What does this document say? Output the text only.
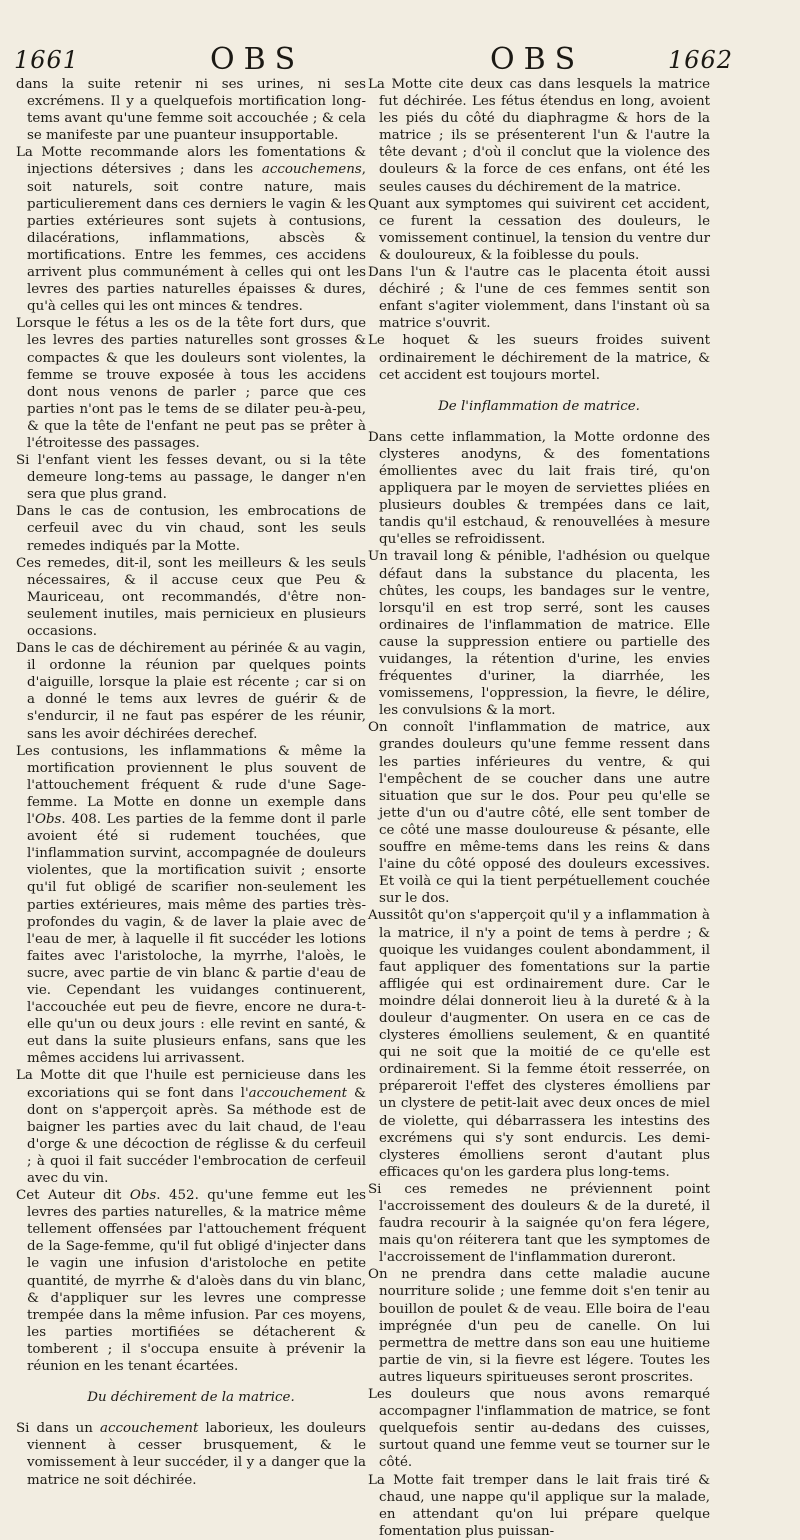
1661	OBS	OBS	1662

dans la suite retenir ni ses urines, ni ses excrémens. Il y a quelquefois mortification long-tems avant qu'une femme soit accouchée ; & cela se manifeste par une puanteur insupportable.

La Motte recommande alors les fomentations & injections détersives ; dans les accouchemens, soit naturels, soit contre nature, mais particulierement dans ces derniers le vagin & les parties extérieures sont sujets à contusions, dilacérations, inflammations, abscès & mortifications. Entre les femmes, ces accidens arrivent plus communément à celles qui ont les levres des parties naturelles épaisses & dures, qu'à celles qui les ont minces & tendres.

Lorsque le fétus a les os de la tête fort durs, que les levres des parties naturelles sont grosses & compactes & que les douleurs sont violentes, la femme se trouve exposée à tous les accidens dont nous venons de parler ; parce que ces parties n'ont pas le tems de se dilater peu-à-peu, & que la tête de l'enfant ne peut pas se prêter à l'étroitesse des passages.

Si l'enfant vient les fesses devant, ou si la tête demeure long-tems au passage, le danger n'en sera que plus grand.

Dans le cas de contusion, les embrocations de cerfeuil avec du vin chaud, sont les seuls remedes indiqués par la Motte.

Ces remedes, dit-il, sont les meilleurs & les seuls nécessaires, & il accuse ceux que Peu & Mauriceau, ont recommandés, d'être non-seulement inutiles, mais pernicieux en plusieurs occasions.

Dans le cas de déchirement au périnée & au vagin, il ordonne la réunion par quelques points d'aiguille, lorsque la plaie est récente ; car si on a donné le tems aux levres de guérir & de s'endurcir, il ne faut pas espérer de les réunir, sans les avoir déchirées derechef.

Les contusions, les inflammations & même la mortification proviennent le plus souvent de l'attouchement fréquent & rude d'une Sage-femme. La Motte en donne un exemple dans l'Obs. 408. Les parties de la femme dont il parle avoient été si rudement touchées, que l'inflammation survint, accompagnée de douleurs violentes, que la mortification suivit ; ensorte qu'il fut obligé de scarifier non-seulement les parties extérieures, mais même des parties très-profondes du vagin, & de laver la plaie avec de l'eau de mer, à laquelle il fit succéder les lotions faites avec l'aristoloche, la myrrhe, l'aloès, le sucre, avec partie de vin blanc & partie d'eau de vie. Cependant les vuidanges continuerent, l'accouchée eut peu de fievre, encore ne dura-t-elle qu'un ou deux jours : elle revint en santé, & eut dans la suite plusieurs enfans, sans que les mêmes accidens lui arrivassent.

La Motte dit que l'huile est pernicieuse dans les excoriations qui se font dans l'accouchement & dont on s'apperçoit après. Sa méthode est de baigner les parties avec du lait chaud, de l'eau d'orge & une décoction de réglisse & du cerfeuil ; à quoi il fait succéder l'embrocation de cerfeuil avec du vin.

Cet Auteur dit Obs. 452. qu'une femme eut les levres des parties naturelles, & la matrice même tellement offensées par l'attouchement fréquent de la Sage-femme, qu'il fut obligé d'injecter dans le vagin une infusion d'aristoloche en petite quantité, de myrrhe & d'aloès dans du vin blanc, & d'appliquer sur les levres une compresse trempée dans la même infusion. Par ces moyens, les parties mortifiées se détacherent & tomberent ; il s'occupa ensuite à prévenir la réunion en les tenant écartées.

Du déchirement de la matrice.

Si dans un accouchement laborieux, les douleurs viennent à cesser brusquement, & le vomissement à leur succéder, il y a danger que la matrice ne soit déchirée.

La Motte cite deux cas dans lesquels la matrice fut déchirée. Les fétus étendus en long, avoient les piés du côté du diaphragme & hors de la matrice ; ils se présenterent l'un & l'autre la tête devant ; d'où il conclut que la violence des douleurs & la force de ces enfans, ont été les seules causes du déchirement de la matrice.

Quant aux symptomes qui suivirent cet accident, ce furent la cessation des douleurs, le vomissement continuel, la tension du ventre dur & douloureux, & la foiblesse du pouls.

Dans l'un & l'autre cas le placenta étoit aussi déchiré ; & l'une de ces femmes sentit son enfant s'agiter violemment, dans l'instant où sa matrice s'ouvrit.

Le hoquet & les sueurs froides suivent ordinairement le déchirement de la matrice, & cet accident est toujours mortel.

De l'inflammation de matrice.

Dans cette inflammation, la Motte ordonne des clysteres anodyns, & des fomentations émollientes avec du lait frais tiré, qu'on appliquera par le moyen de serviettes pliées en plusieurs doubles & trempées dans ce lait, tandis qu'il estchaud, & renouvellées à mesure qu'elles se refroidissent.

Un travail long & pénible, l'adhésion ou quelque défaut dans la substance du placenta, les chûtes, les coups, les bandages sur le ventre, lorsqu'il en est trop serré, sont les causes ordinaires de l'inflammation de matrice. Elle cause la suppression entiere ou partielle des vuidanges, la rétention d'urine, les envies fréquentes d'uriner, la diarrhée, les vomissemens, l'oppression, la fievre, le délire, les convulsions & la mort.

On connoît l'inflammation de matrice, aux grandes douleurs qu'une femme ressent dans les parties inférieures du ventre, & qui l'empêchent de se coucher dans une autre situation que sur le dos. Pour peu qu'elle se jette d'un ou d'autre côté, elle sent tomber de ce côté une masse douloureuse & pésante, elle souffre en même-tems dans les reins & dans l'aine du côté opposé des douleurs excessives. Et voilà ce qui la tient perpétuellement couchée sur le dos.

Aussitôt qu'on s'apperçoit qu'il y a inflammation à la matrice, il n'y a point de tems à perdre ; & quoique les vuidanges coulent abondamment, il faut appliquer des fomentations sur la partie affligée qui est ordinairement dure. Car le moindre délai donneroit lieu à la dureté & à la douleur d'augmenter. On usera en ce cas de clysteres émolliens seulement, & en quantité qui ne soit que la moitié de ce qu'elle est ordinairement. Si la femme étoit resserrée, on prépareroit l'effet des clysteres émolliens par un clystere de petit-lait avec deux onces de miel de violette, qui débarrassera les intestins des excrémens qui s'y sont endurcis. Les demi-clysteres émolliens seront d'autant plus efficaces qu'on les gardera plus long-tems.

Si ces remedes ne préviennent point l'accroissement des douleurs & de la dureté, il faudra recourir à la saignée qu'on fera légere, mais qu'on réiterera tant que les symptomes de l'accroissement de l'inflammation dureront.

On ne prendra dans cette maladie aucune nourriture solide ; une femme doit s'en tenir au bouillon de poulet & de veau. Elle boira de l'eau imprégnée d'un peu de canelle. On lui permettra de mettre dans son eau une huitieme partie de vin, si la fievre est légere. Toutes les autres liqueurs spiritueuses seront proscrites.

Les douleurs que nous avons remarqué accompagner l'inflammation de matrice, se font quelquefois sentir au-dedans des cuisses, surtout quand une femme veut se tourner sur le côté.

La Motte fait tremper dans le lait frais tiré & chaud, une nappe qu'il applique sur la malade, en attendant qu'on lui prépare quelque fomentation plus puissan-
